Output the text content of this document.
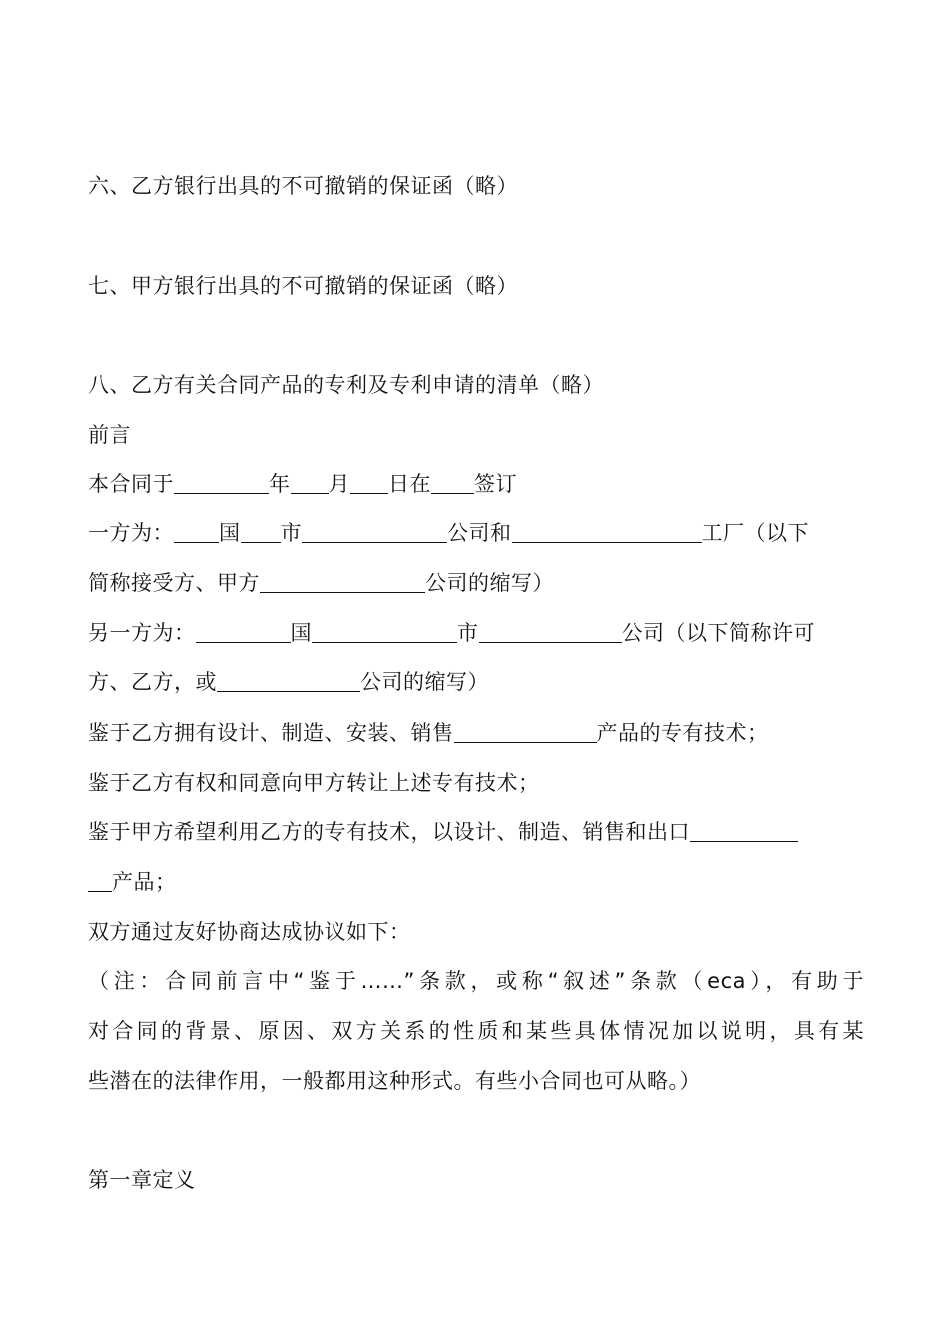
六、乙方银行出具的不可撤销的保证函（略）
七、甲方银行出具的不可撤销的保证函（略）
八、乙方有关合同产品的专利及专利申请的清单（略）
前言
本合同于	年 月 日在 签订
一方为： 国 市	公司和	工厂（以下
简称接受方、甲方	公司的缩写）
另一方为：	国	市	公司（以下简称许可
方、乙方，或	公司的缩写）
鉴于乙方拥有设计、制造、安装、销售	产品的专有技术；
鉴于乙方有权和同意向甲方转让上述专有技术；
鉴于甲方希望利用乙方的专有技术，以设计、制造、销售和出口
产品；
双方通过友好协商达成协议如下：
（注：合同前言中“鉴于……”条款，或称“叙述”条款（eca），有助于
对合同的背景、原因、双方关系的性质和某些具体情况加以说明，具有某
些潜在的法律作用，一般都用这种形式。有些小合同也可从略。）
第一章定义
